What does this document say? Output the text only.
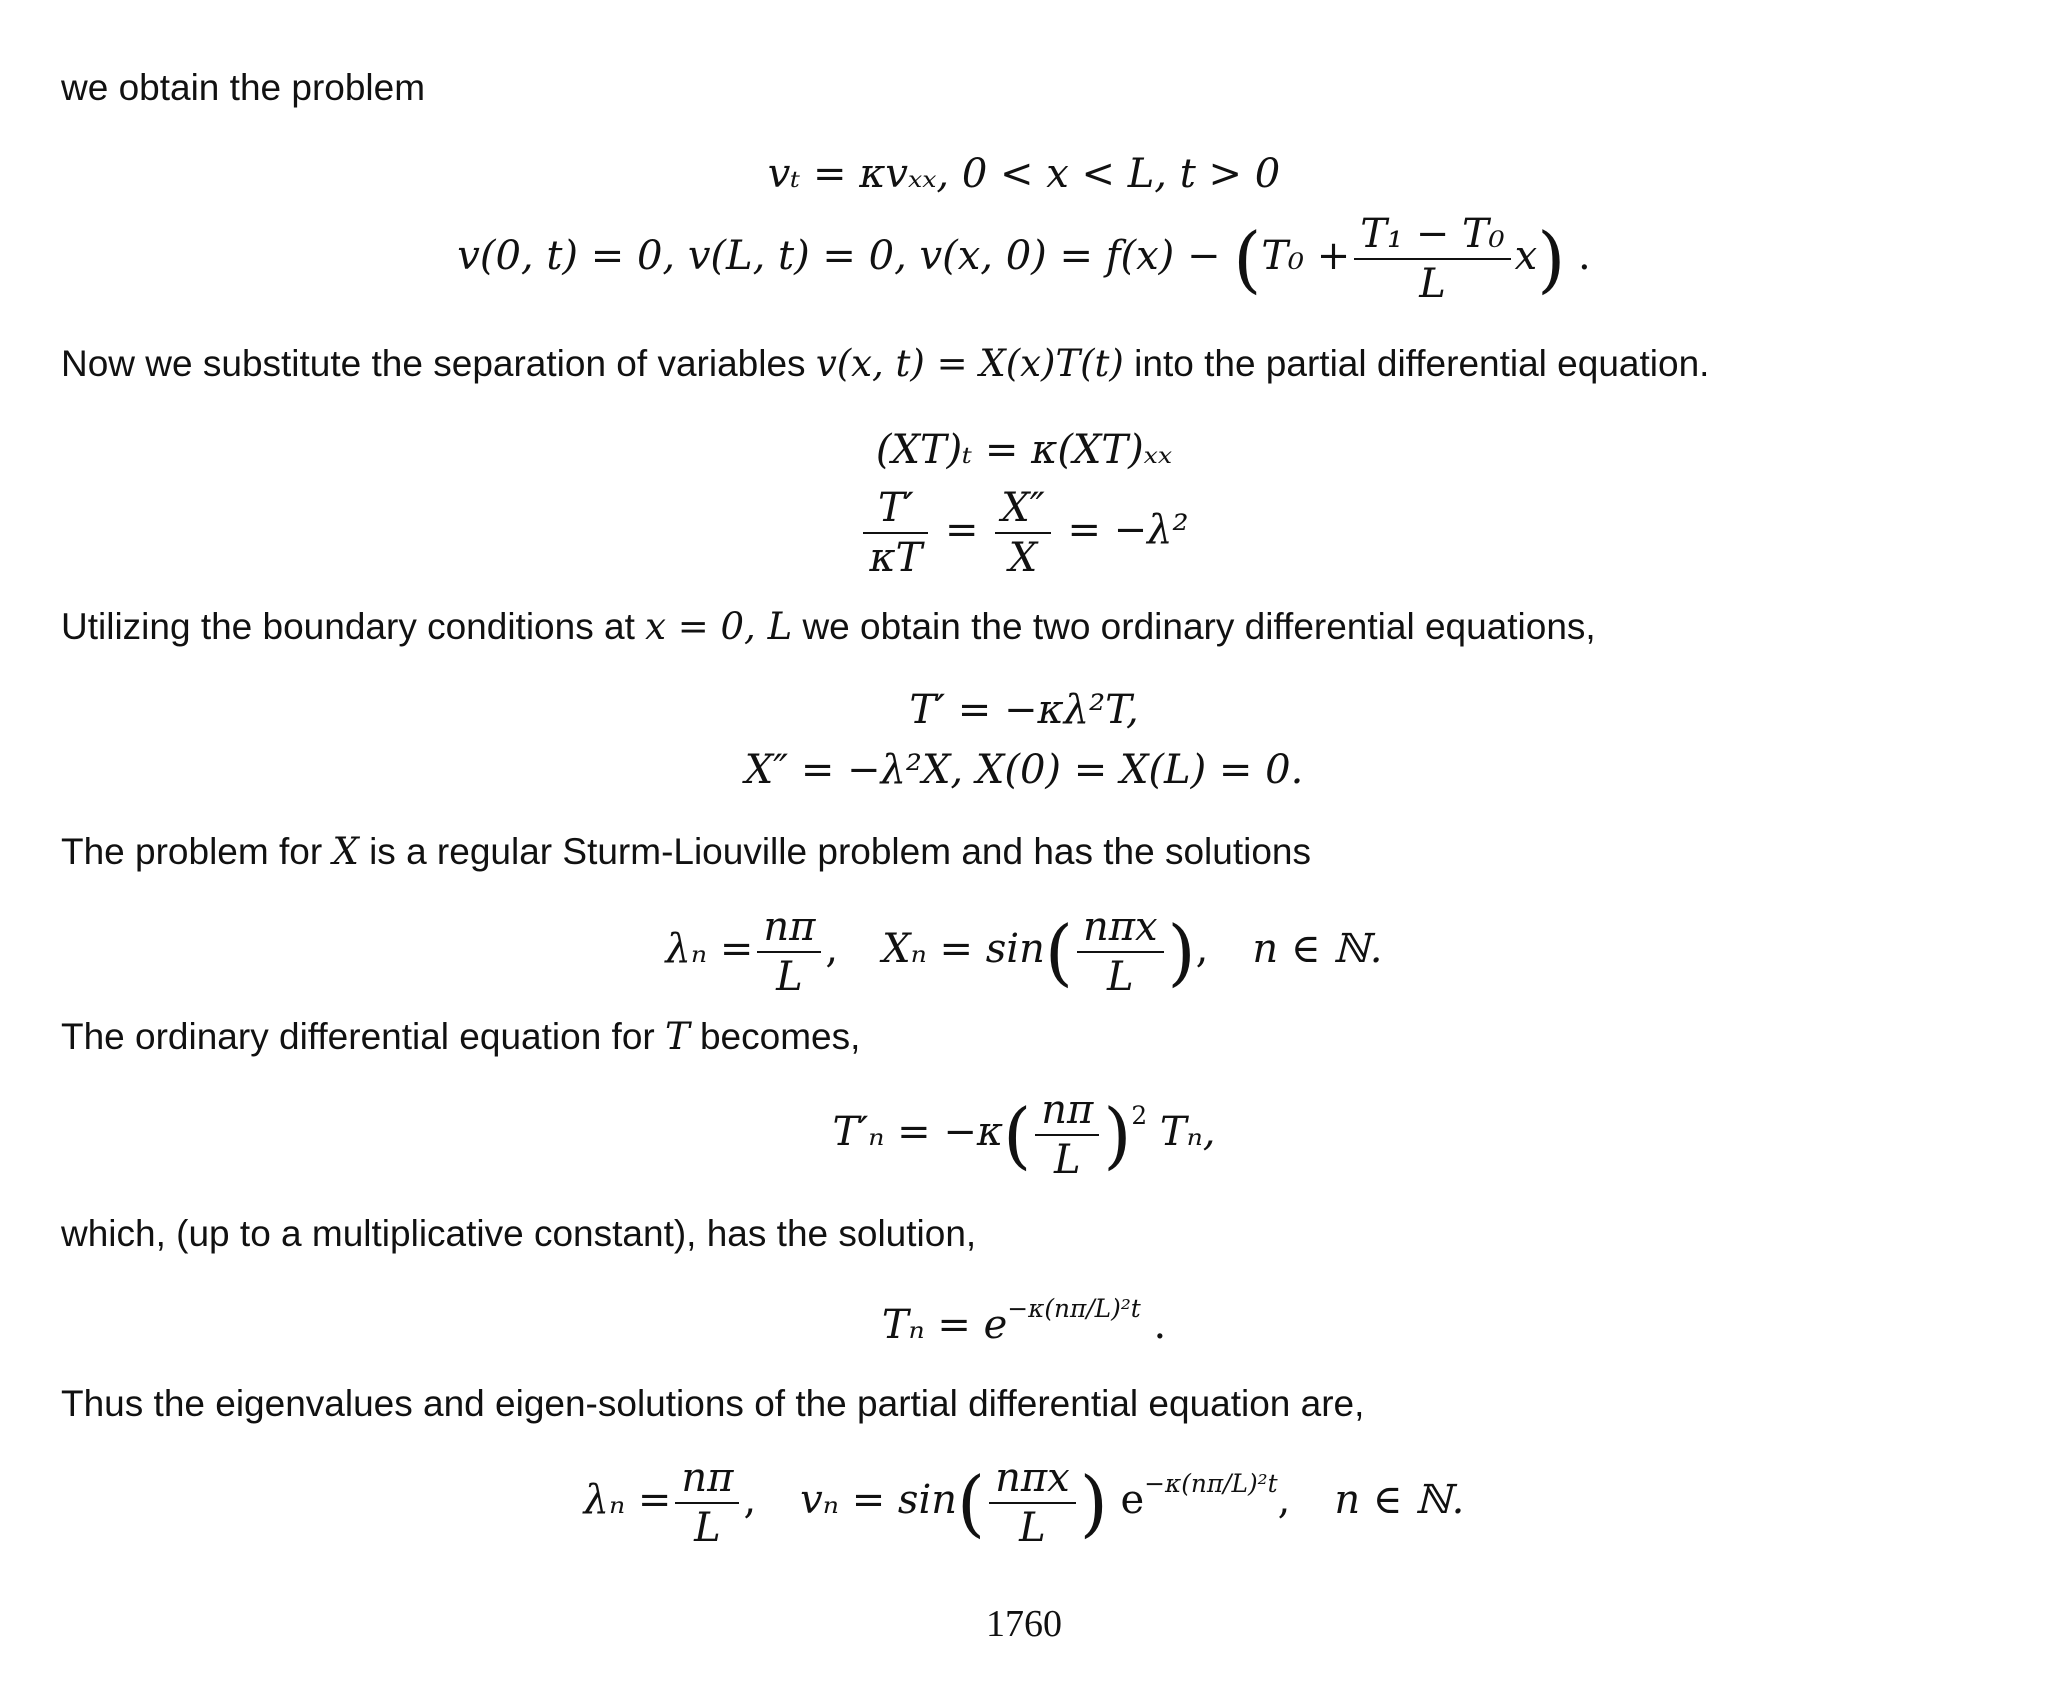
we obtain the problem
vₜ = κvₓₓ, 0 < x < L, t > 0
v(0, t) = 0, v(L, t) = 0, v(x, $0) = f(x) - (T_0 + \frac{\text{T₁ − T₀}}{L} x)$ .
Now we substitute the separation of variables v(x, t) = X(x)T(t) into the partial differential equation.
(XT)ₜ = κ(XT)ₓₓ
$\frac{T'}{\kappa T} = \frac{X''}{X} = -\lambda^2$
Utilizing the boundary conditions at x = 0, L we obtain the two ordinary differential equations,
T′ = −κλ²T,
X″ = −λ²X, X(0) = X(L) = 0.
The problem for X is a regular Sturm-Liouville problem and has the solutions
$\lambda_n = \frac{n\pi}{L}$ , $X_n = \sin( \frac{\text{nπx}}{L}$ ), n ∈ ℕ.
The ordinary differential equation for T becomes,
$T'_n = -\kappa( \frac{n\pi}{L} )^2$ Tₙ,
which, (up to a multiplicative constant), has the solution,
$T_n = e^{-\kappa(n\pi/L)^2t}$ .
Thus the eigenvalues and eigen-solutions of the partial differential equation are,
$\lambda_n = \frac{n\pi}{L}$ , $v_n = \sin( \frac{\text{nπx}}{L}$ ) $e^{-\kappa(n\pi/L)^2t}$, n ∈ ℕ.
1760
